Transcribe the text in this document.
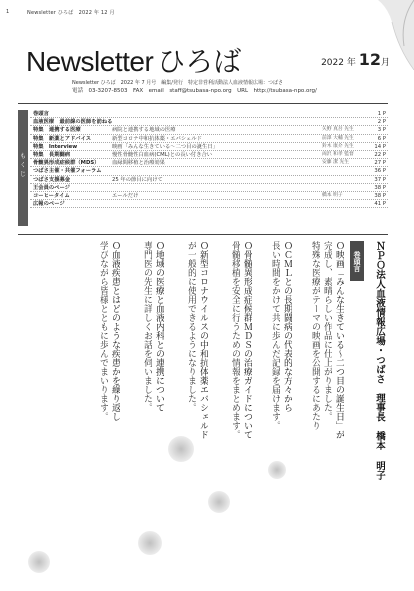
1	Newsletter ひろば　2022 年 12 月
Newsletter ひろば	2022 年 12月
Newsletter ひろば　2022 年 7 月号　編集/発行　特定非営利活動法人血液情報広場：つばさ
電話　03-3207-8503　FAX　email　staff@tsubasa-npo.org　URL　http://tsubasa-npo.org/
もくじ
巻頭言	1 P
血液医療　最前線の医師を訪ねる	2 P
特集　連携する医療	病院と連携する地域の医療	矢野 真吾 先生	3 P
特集　新薬とアドバイス	新型コロナ中和抗体薬・エバシェルド	前澤 大輔 先生	6 P
特集　Interview	映画「みんな生きている～二つ目の誕生日」	鈴木 康介 先生	14 P
特集　長期闘病	慢性骨髄性白血病(CML)との長い付き合い	両沢 和孝 監督	22 P
骨髄異形成症候群（MDS） 血縁間移植と治療効果	安藤 潔 先生	27 P
つばさ主催・共催フォーラム	36 P
つばさ支援募金	25 年の節目に向けて	37 P
王会員のページ	38 P
コーヒータイム	エールだけ	橋本 明子	38 P
広報のページ	41 P
巻頭言	ＮＰＯ法人血液情報広場・つばさ　理事長　橋本 明子
Ｏ映画「みんな生きている～二つ目の誕生日」が
完成し、素晴らしい作品に仕上がりました。
特殊な医療がテーマの映画を公開するにあたり
ＯＣＭＬとの長期闘病の代表的な方々から
長い時間をかけて共に歩んだ記録を届けます。
Ｏ骨髄異形成症候群ＭＤＳの治療ガイドについて
骨髄移植を安全に行うための情報をまとめます。
Ｏ新型コロナウイルスの中和抗体薬エバシェルド
が一般的に使用できるようになりました。
Ｏ地域の医療と血液内科との連携について
専門医の先生に詳しくお話を伺いました。
Ｏ血液疾患とはどのような疾患かを繰り返し
学びながら皆様とともに歩んでまいります。
